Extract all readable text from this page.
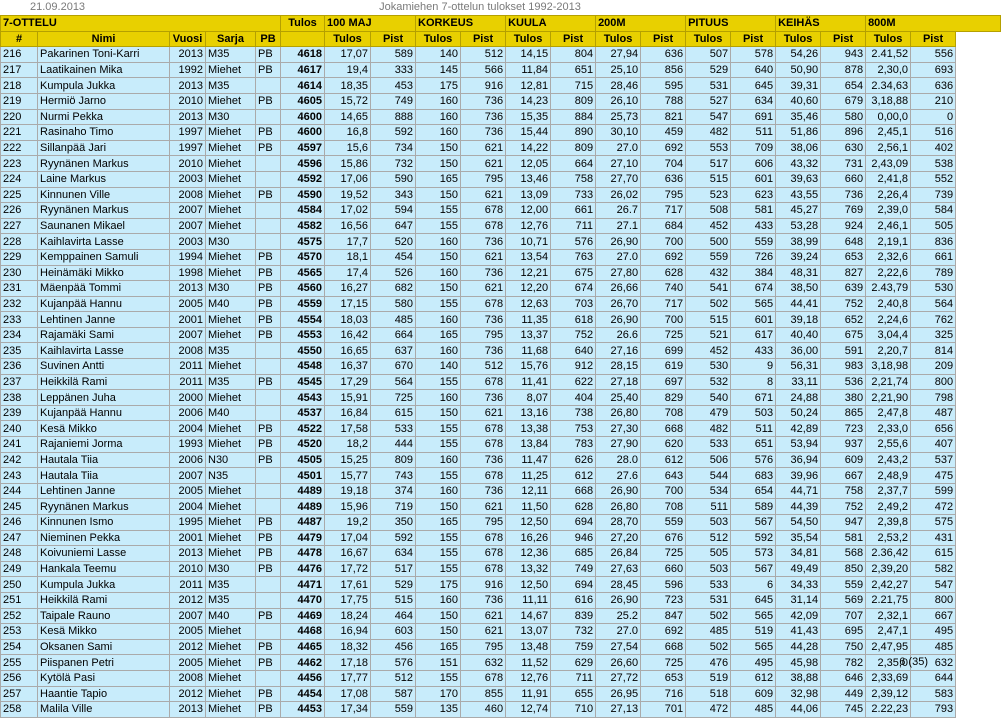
21.09.2013	Jokamiehen 7-ottelun tulokset 1992-2013
7-OTTELU					Tulos	100 MAJ		KORKEUS		KUULA		200M		PITUUS		KEIHÄS		800M	
#	Nimi	Vuosi	Sarja	PB		Tulos	Pist	Tulos	Pist	Tulos	Pist	Tulos	Pist	Tulos	Pist	Tulos	Pist	Tulos	Pist
216	Pakarinen Toni-Karri	2013	M35	PB	4618	17,07	589	140	512	14,15	804	27,94	636	507	578	54,26	943	2.41,52	556
217	Laatikainen Mika	1992	Miehet	PB	4617	19,4	333	145	566	11,84	651	25,10	856	529	640	50,90	878	2,30,0	693
218	Kumpula Jukka	2013	M35		4614	18,35	453	175	916	12,81	715	28,46	595	531	645	39,31	654	2.34,63	636
219	Hermiö Jarno	2010	Miehet	PB	4605	15,72	749	160	736	14,23	809	26,10	788	527	634	40,60	679	3,18,88	210
220	Nurmi Pekka	2013	M30		4600	14,65	888	160	736	15,35	884	25,73	821	547	691	35,46	580	0,00,0	0
221	Rasinaho Timo	1997	Miehet	PB	4600	16,8	592	160	736	15,44	890	30,10	459	482	511	51,86	896	2,45,1	516
222	Sillanpää Jari	1997	Miehet	PB	4597	15,6	734	150	621	14,22	809	27.0	692	553	709	38,06	630	2,56,1	402
223	Ryynänen Markus	2010	Miehet		4596	15,86	732	150	621	12,05	664	27,10	704	517	606	43,32	731	2,43,09	538
224	Laine Markus	2003	Miehet		4592	17,06	590	165	795	13,46	758	27,70	636	515	601	39,63	660	2,41,8	552
225	Kinnunen Ville	2008	Miehet	PB	4590	19,52	343	150	621	13,09	733	26,02	795	523	623	43,55	736	2,26,4	739
226	Ryynänen Markus	2007	Miehet		4584	17,02	594	155	678	12,00	661	26.7	717	508	581	45,27	769	2,39,0	584
227	Saunanen Mikael	2007	Miehet		4582	16,56	647	155	678	12,76	711	27.1	684	452	433	53,28	924	2,46,1	505
228	Kaihlavirta Lasse	2003	M30		4575	17,7	520	160	736	10,71	576	26,90	700	500	559	38,99	648	2,19,1	836
229	Kemppainen Samuli	1994	Miehet	PB	4570	18,1	454	150	621	13,54	763	27.0	692	559	726	39,24	653	2,32,6	661
230	Heinämäki Mikko	1998	Miehet	PB	4565	17,4	526	160	736	12,21	675	27,80	628	432	384	48,31	827	2,22,6	789
231	Mäenpää Tommi	2013	M30	PB	4560	16,27	682	150	621	12,20	674	26,66	740	541	674	38,50	639	2.43,79	530
232	Kujanpää Hannu	2005	M40	PB	4559	17,15	580	155	678	12,63	703	26,70	717	502	565	44,41	752	2,40,8	564
233	Lehtinen Janne	2001	Miehet	PB	4554	18,03	485	160	736	11,35	618	26,90	700	515	601	39,18	652	2,24,6	762
234	Rajamäki Sami	2007	Miehet	PB	4553	16,42	664	165	795	13,37	752	26.6	725	521	617	40,40	675	3,04,4	325
235	Kaihlavirta Lasse	2008	M35		4550	16,65	637	160	736	11,68	640	27,16	699	452	433	36,00	591	2,20,7	814
236	Suvinen Antti	2011	Miehet		4548	16,37	670	140	512	15,76	912	28,15	619	530	9	56,31	983	3,18,98	209
237	Heikkilä Rami	2011	M35	PB	4545	17,29	564	155	678	11,41	622	27,18	697	532	8	33,11	536	2,21,74	800
238	Leppänen Juha	2000	Miehet		4543	15,91	725	160	736	8,07	404	25,40	829	540	671	24,88	380	2,21,90	798
239	Kujanpää Hannu	2006	M40		4537	16,84	615	150	621	13,16	738	26,80	708	479	503	50,24	865	2,47,8	487
240	Kesä Mikko	2004	Miehet	PB	4522	17,58	533	155	678	13,38	753	27,30	668	482	511	42,89	723	2,33,0	656
241	Rajaniemi Jorma	1993	Miehet	PB	4520	18,2	444	155	678	13,84	783	27,90	620	533	651	53,94	937	2,55,6	407
242	Hautala Tiia	2006	N30	PB	4505	15,25	809	160	736	11,47	626	28.0	612	506	576	36,94	609	2,43,2	537
243	Hautala Tiia	2007	N35		4501	15,77	743	155	678	11,25	612	27.6	643	544	683	39,96	667	2,48,9	475
244	Lehtinen Janne	2005	Miehet		4489	19,18	374	160	736	12,11	668	26,90	700	534	654	44,71	758	2,37,7	599
245	Ryynänen Markus	2004	Miehet		4489	15,96	719	150	621	11,50	628	26,80	708	511	589	44,39	752	2,49,2	472
246	Kinnunen Ismo	1995	Miehet	PB	4487	19,2	350	165	795	12,50	694	28,70	559	503	567	54,50	947	2,39,8	575
247	Nieminen Pekka	2001	Miehet	PB	4479	17,04	592	155	678	16,26	946	27,20	676	512	592	35,54	581	2,53,2	431
248	Koivuniemi Lasse	2013	Miehet	PB	4478	16,67	634	155	678	12,36	685	26,84	725	505	573	34,81	568	2.36,42	615
249	Hankala Teemu	2010	M30	PB	4476	17,72	517	155	678	13,32	749	27,63	660	503	567	49,49	850	2,39,20	582
250	Kumpula Jukka	2011	M35		4471	17,61	529	175	916	12,50	694	28,45	596	533	6	34,33	559	2,42,27	547
251	Heikkilä Rami	2012	M35		4470	17,75	515	160	736	11,11	616	26,90	723	531	645	31,14	569	2.21,75	800
252	Taipale Rauno	2007	M40	PB	4469	18,24	464	150	621	14,67	839	25.2	847	502	565	42,09	707	2,32,1	667
253	Kesä Mikko	2005	Miehet		4468	16,94	603	150	621	13,07	732	27.0	692	485	519	41,43	695	2,47,1	495
254	Oksanen Sami	2012	Miehet	PB	4465	18,32	456	165	795	13,48	759	27,54	668	502	565	44,28	750	2,47,95	485
255	Piispanen Petri	2005	Miehet	PB	4462	17,18	576	151	632	11,52	629	26,60	725	476	495	45,98	782	2,35,0	632
256	Kytölä Pasi	2008	Miehet		4456	17,77	512	155	678	12,76	711	27,72	653	519	612	38,88	646	2,33,69	644
257	Haantie Tapio	2012	Miehet	PB	4454	17,08	587	170	855	11,91	655	26,95	716	518	609	32,98	449	2,39,12	583
258	Malila Ville	2013	Miehet	PB	4453	17,34	559	135	460	12,74	710	27,13	701	472	485	44,06	745	2.22,23	793
6 (35)
